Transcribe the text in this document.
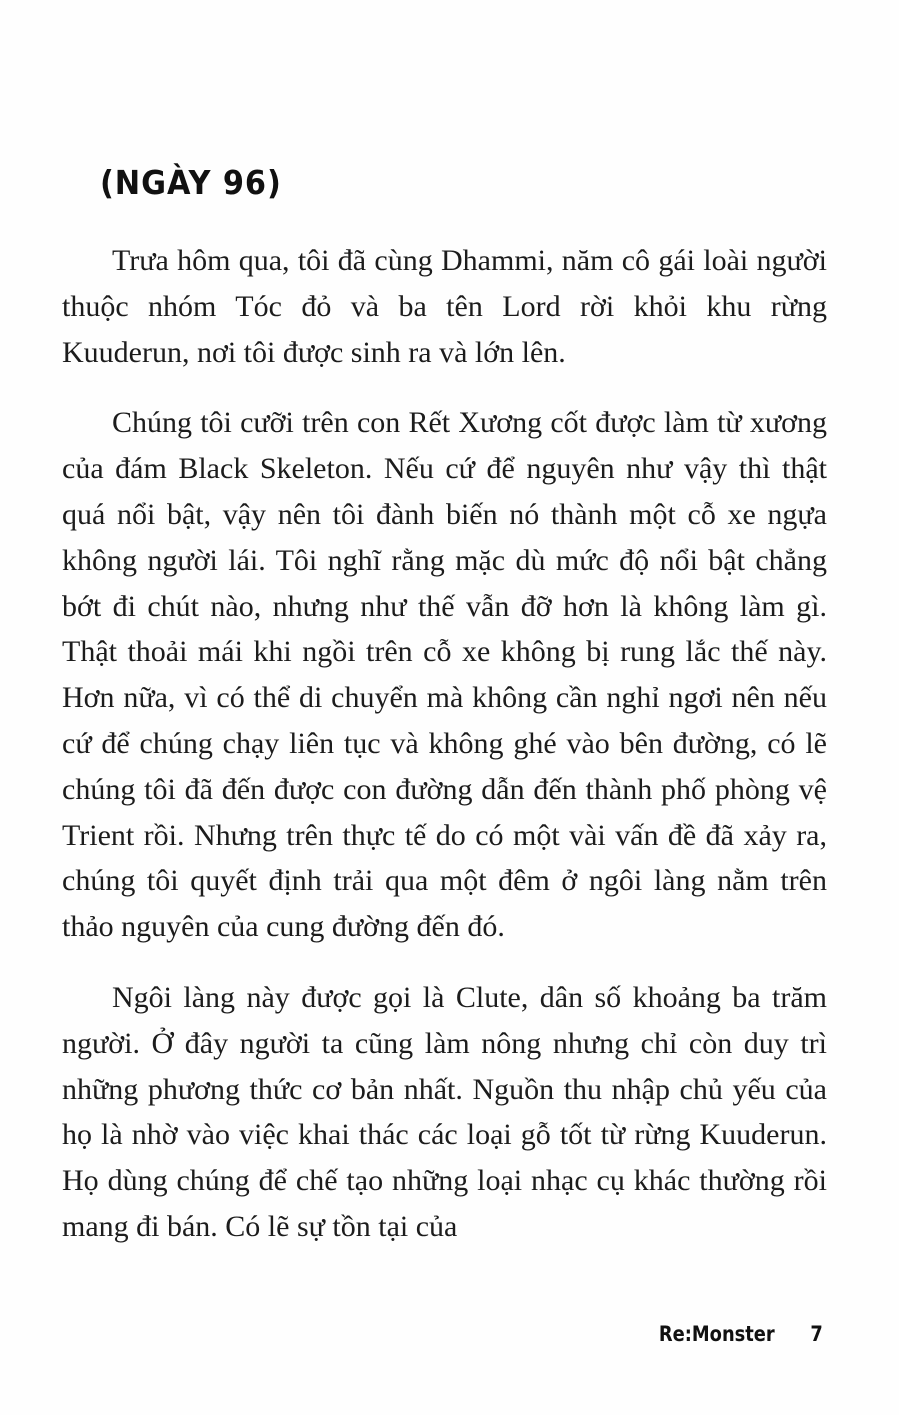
(NGÀY 96)

Trưa hôm qua, tôi đã cùng Dhammi, năm cô gái loài người thuộc nhóm Tóc đỏ và ba tên Lord rời khỏi khu rừng Kuuderun, nơi tôi được sinh ra và lớn lên.

Chúng tôi cưỡi trên con Rết Xương cốt được làm từ xương của đám Black Skeleton. Nếu cứ để nguyên như vậy thì thật quá nổi bật, vậy nên tôi đành biến nó thành một cỗ xe ngựa không người lái. Tôi nghĩ rằng mặc dù mức độ nổi bật chẳng bớt đi chút nào, nhưng như thế vẫn đỡ hơn là không làm gì. Thật thoải mái khi ngồi trên cỗ xe không bị rung lắc thế này. Hơn nữa, vì có thể di chuyển mà không cần nghỉ ngơi nên nếu cứ để chúng chạy liên tục và không ghé vào bên đường, có lẽ chúng tôi đã đến được con đường dẫn đến thành phố phòng vệ Trient rồi. Nhưng trên thực tế do có một vài vấn đề đã xảy ra, chúng tôi quyết định trải qua một đêm ở ngôi làng nằm trên thảo nguyên của cung đường đến đó.

Ngôi làng này được gọi là Clute, dân số khoảng ba trăm người. Ở đây người ta cũng làm nông nhưng chỉ còn duy trì những phương thức cơ bản nhất. Nguồn thu nhập chủ yếu của họ là nhờ vào việc khai thác các loại gỗ tốt từ rừng Kuuderun. Họ dùng chúng để chế tạo những loại nhạc cụ khác thường rồi mang đi bán. Có lẽ sự tồn tại của

Re:Monster 7
